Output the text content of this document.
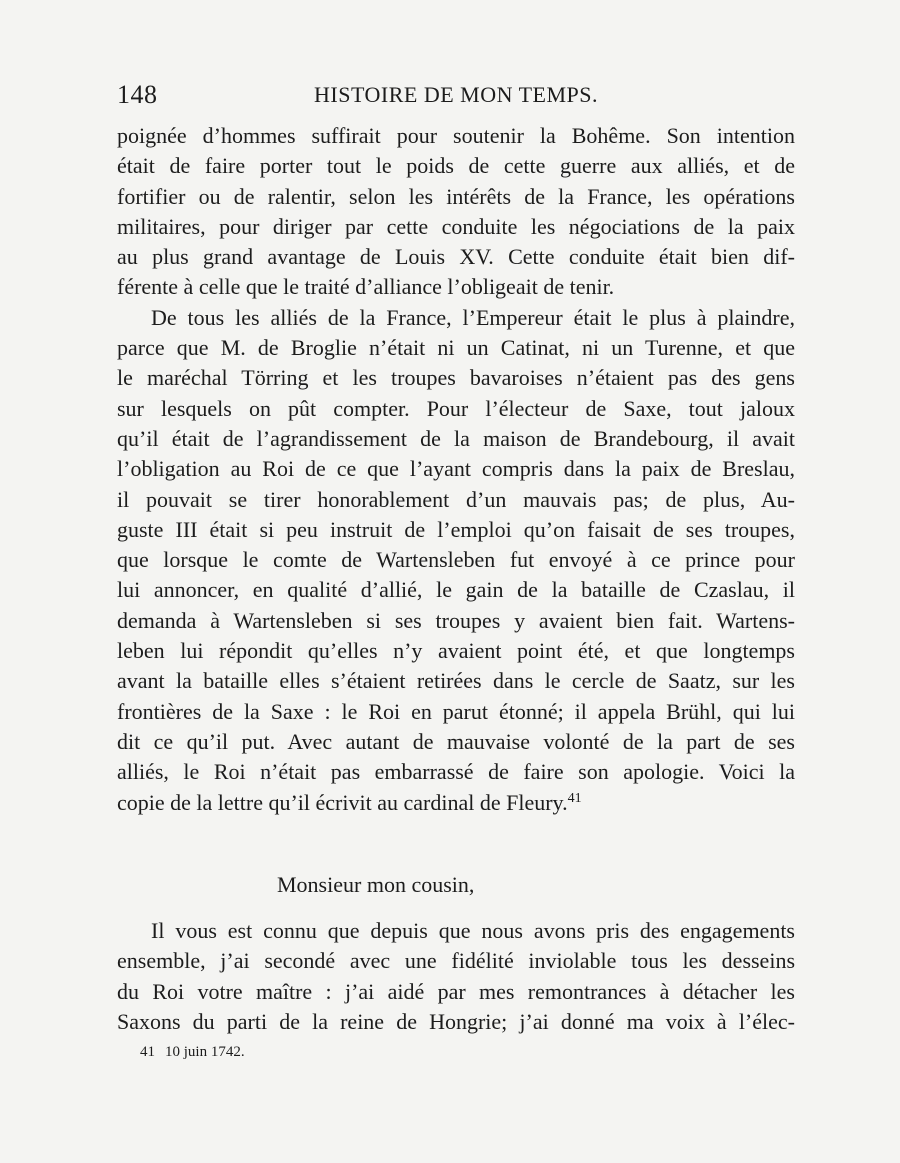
148	HISTOIRE DE MON TEMPS.

poignée d’hommes suffirait pour soutenir la Bohême. Son intention
était de faire porter tout le poids de cette guerre aux alliés, et de
fortifier ou de ralentir, selon les intérêts de la France, les opérations
militaires, pour diriger par cette conduite les négociations de la paix
au plus grand avantage de Louis XV. Cette conduite était bien dif-
férente à celle que le traité d’alliance l’obligeait de tenir.

De tous les alliés de la France, l’Empereur était le plus à plaindre,
parce que M. de Broglie n’était ni un Catinat, ni un Turenne, et que
le maréchal Törring et les troupes bavaroises n’étaient pas des gens
sur lesquels on pût compter. Pour l’électeur de Saxe, tout jaloux
qu’il était de l’agrandissement de la maison de Brandebourg, il avait
l’obligation au Roi de ce que l’ayant compris dans la paix de Breslau,
il pouvait se tirer honorablement d’un mauvais pas; de plus, Au-
guste III était si peu instruit de l’emploi qu’on faisait de ses troupes,
que lorsque le comte de Wartensleben fut envoyé à ce prince pour
lui annoncer, en qualité d’allié, le gain de la bataille de Czaslau, il
demanda à Wartensleben si ses troupes y avaient bien fait. Wartens-
leben lui répondit qu’elles n’y avaient point été, et que longtemps
avant la bataille elles s’étaient retirées dans le cercle de Saatz, sur les
frontières de la Saxe : le Roi en parut étonné; il appela Brühl, qui lui
dit ce qu’il put. Avec autant de mauvaise volonté de la part de ses
alliés, le Roi n’était pas embarrassé de faire son apologie. Voici la
copie de la lettre qu’il écrivit au cardinal de Fleury.$^{41}$

Monsieur mon cousin,
Il vous est connu que depuis que nous avons pris des engagements
ensemble, j’ai secondé avec une fidélité inviolable tous les desseins
du Roi votre maître : j’ai aidé par mes remontrances à détacher les
Saxons du parti de la reine de Hongrie; j’ai donné ma voix à l’élec-
41 10 juin 1742.
